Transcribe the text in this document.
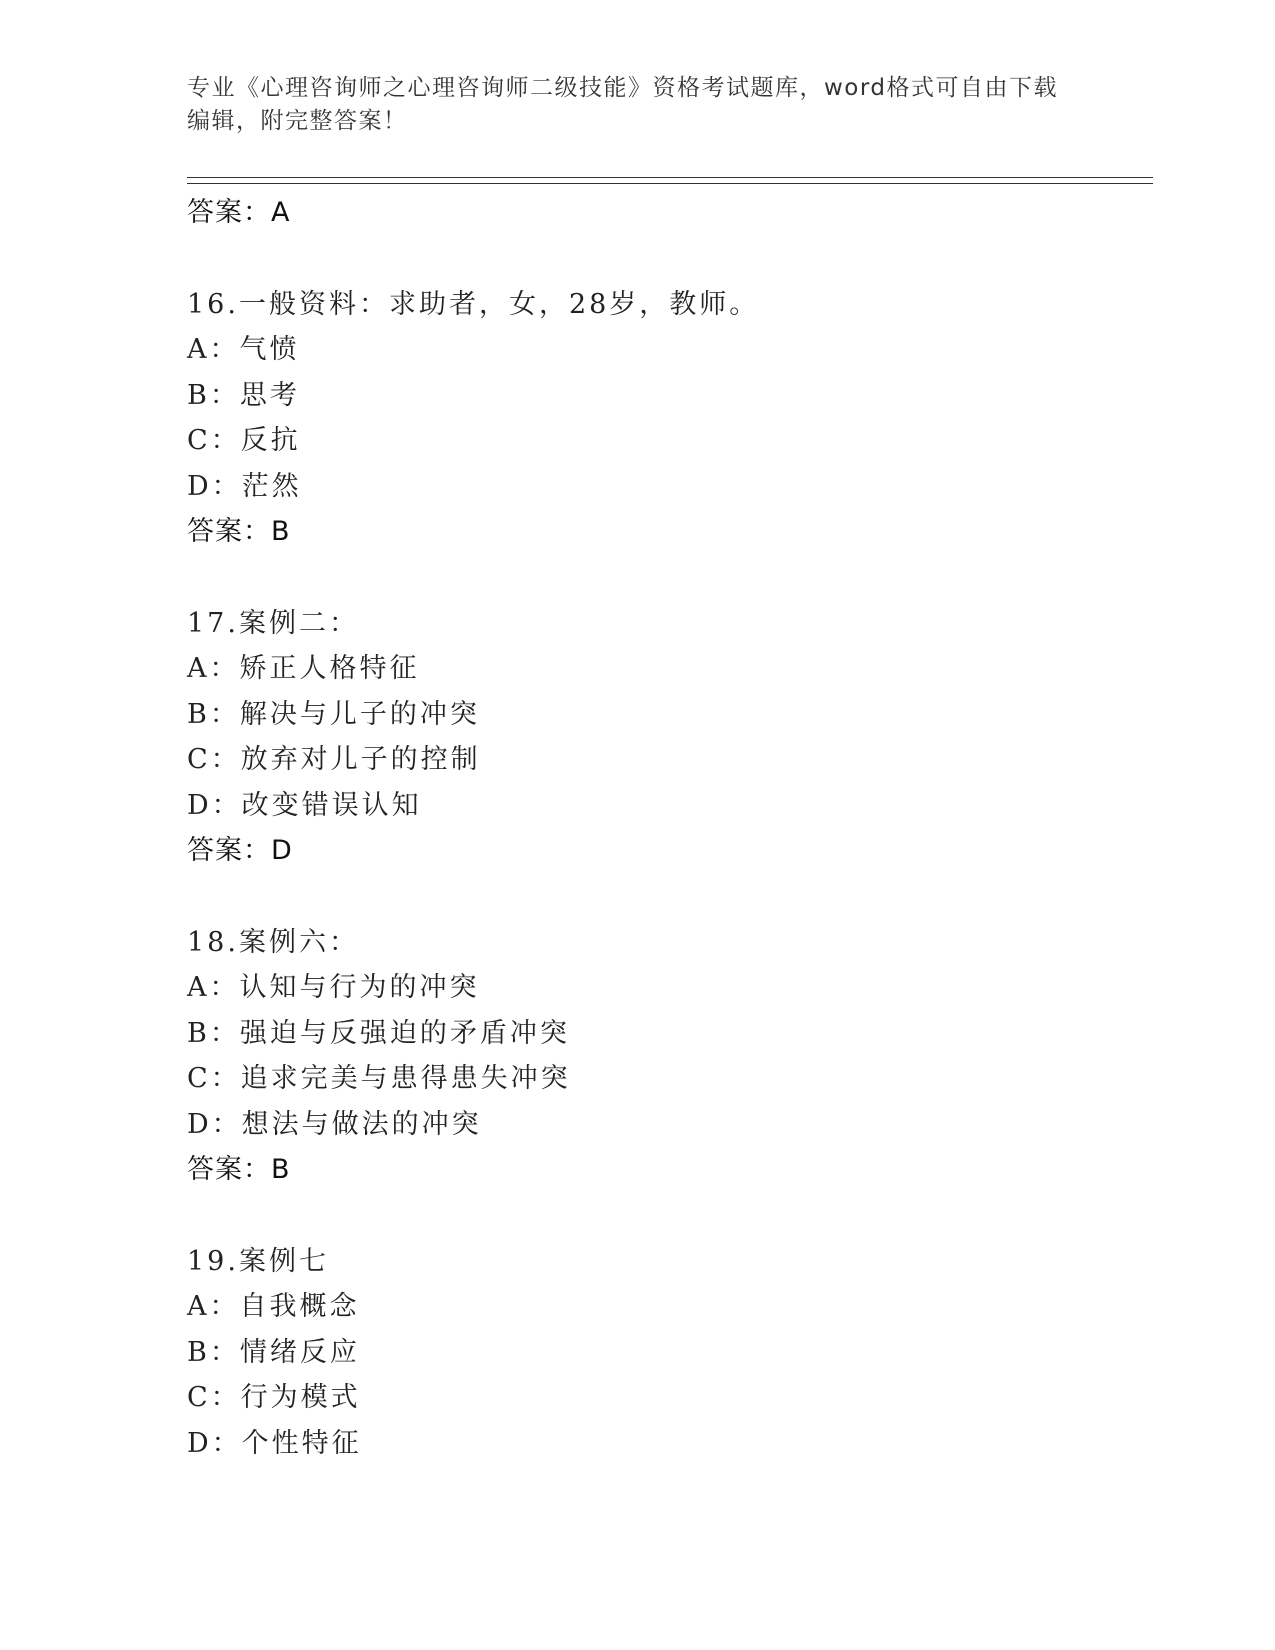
专业《心理咨询师之心理咨询师二级技能》资格考试题库，word格式可自由下载
编辑，附完整答案！
答案：A
16.一般资料：求助者，女，28岁，教师。
A：气愤
B：思考
C：反抗
D：茫然
答案：B
17.案例二：
A：矫正人格特征
B：解决与儿子的冲突
C：放弃对儿子的控制
D：改变错误认知
答案：D
18.案例六：
A：认知与行为的冲突
B：强迫与反强迫的矛盾冲突
C：追求完美与患得患失冲突
D：想法与做法的冲突
答案：B
19.案例七
A：自我概念
B：情绪反应
C：行为模式
D：个性特征
